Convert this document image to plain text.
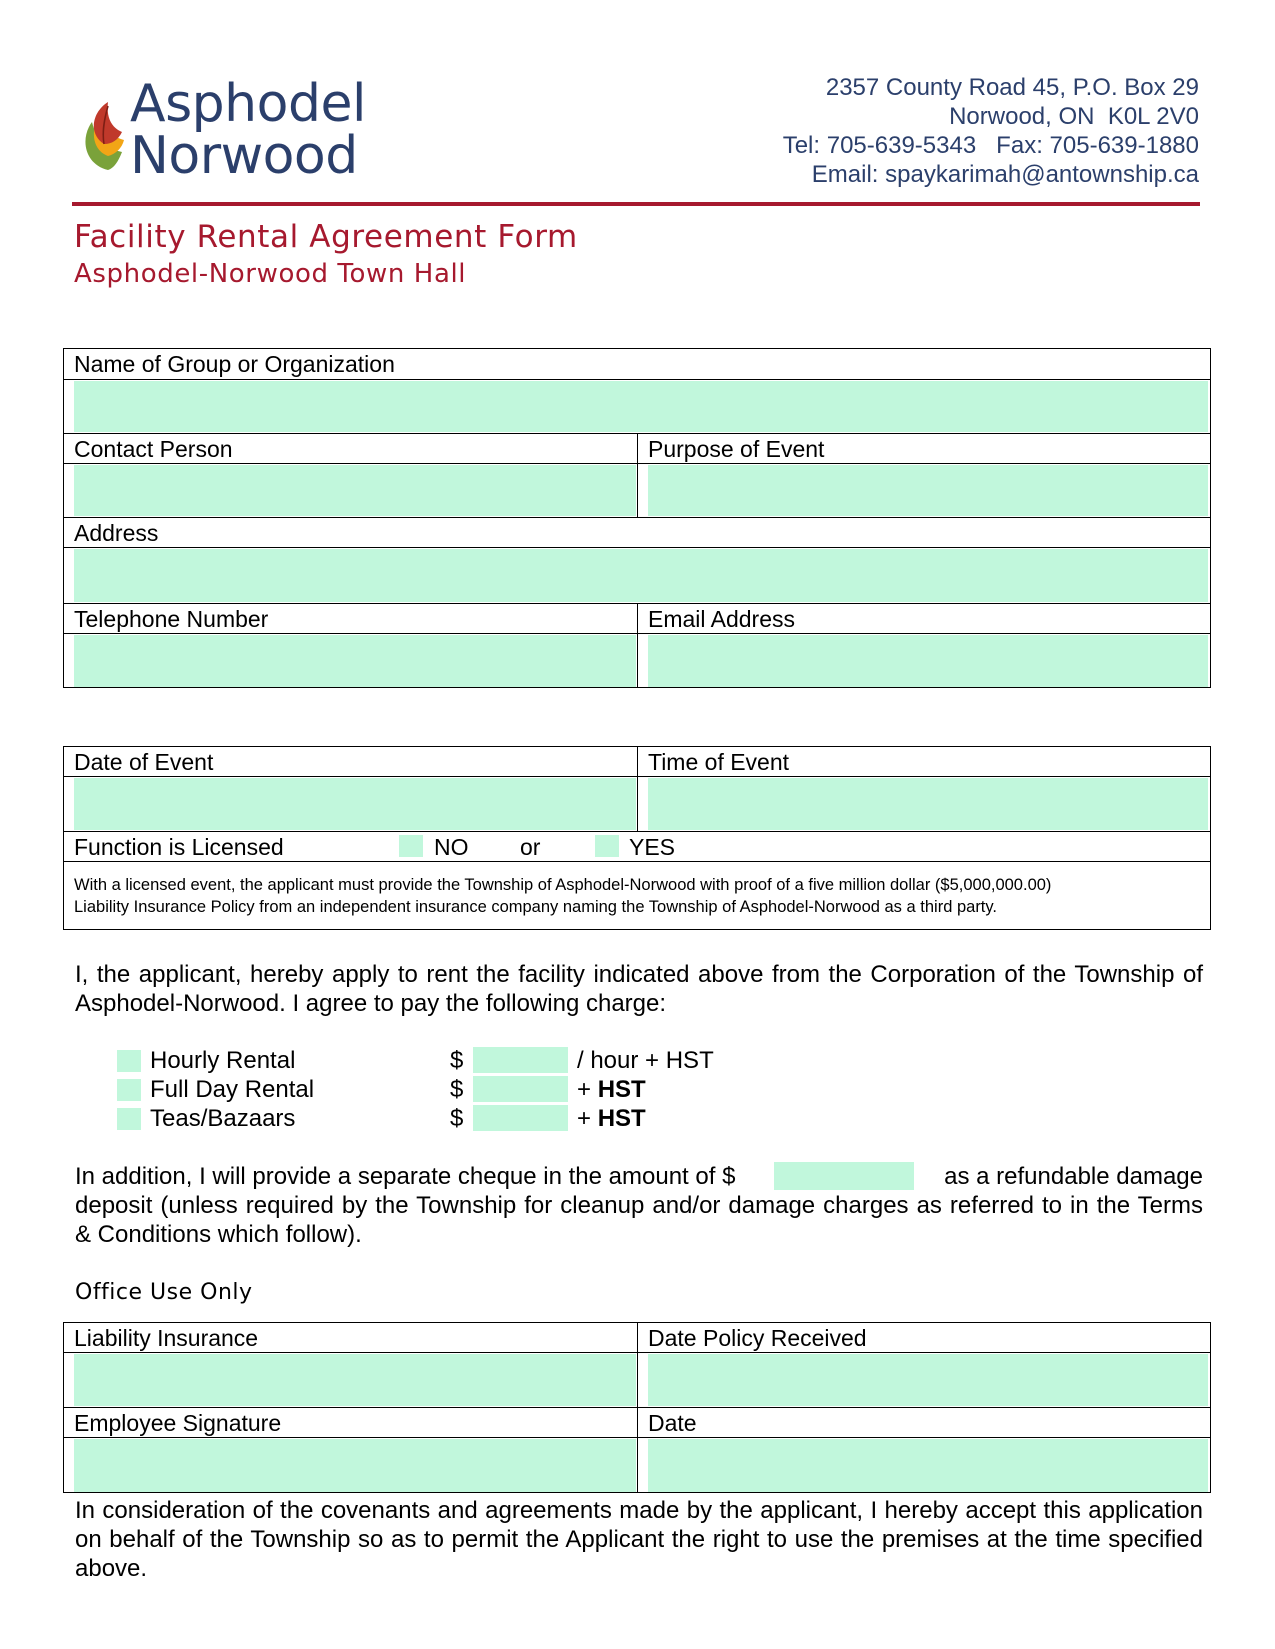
Asphodel
Norwood
2357 County Road 45, P.O. Box 29
Norwood, ON  K0L 2V0
Tel: 705-639-5343   Fax: 705-639-1880
Email: spaykarimah@antownship.ca
Facility Rental Agreement Form
Asphodel-Norwood Town Hall
Name of Group or Organization
Contact Person	Purpose of Event
Address
Telephone Number	Email Address
Date of Event	Time of Event
Function is Licensed	NO	or	YES
With a licensed event, the applicant must provide the Township of Asphodel-Norwood with proof of a five million dollar ($5,000,000.00)
Liability Insurance Policy from an independent insurance company naming the Township of Asphodel-Norwood as a third party.
I, the applicant, hereby apply to rent the facility indicated above from the Corporation of the Township of Asphodel-Norwood. I agree to pay the following charge:
Hourly Rental	$	/ hour + HST
Full Day Rental	$	+ HST
Teas/Bazaars	$	+ HST
In addition, I will provide a separate cheque in the amount of $	as a refundable damage
deposit (unless required by the Township for cleanup and/or damage charges as referred to in the Terms & Conditions which follow).
Office Use Only
Liability Insurance	Date Policy Received
Employee Signature	Date
In consideration of the covenants and agreements made by the applicant, I hereby accept this application on behalf of the Township so as to permit the Applicant the right to use the premises at the time specified above.
